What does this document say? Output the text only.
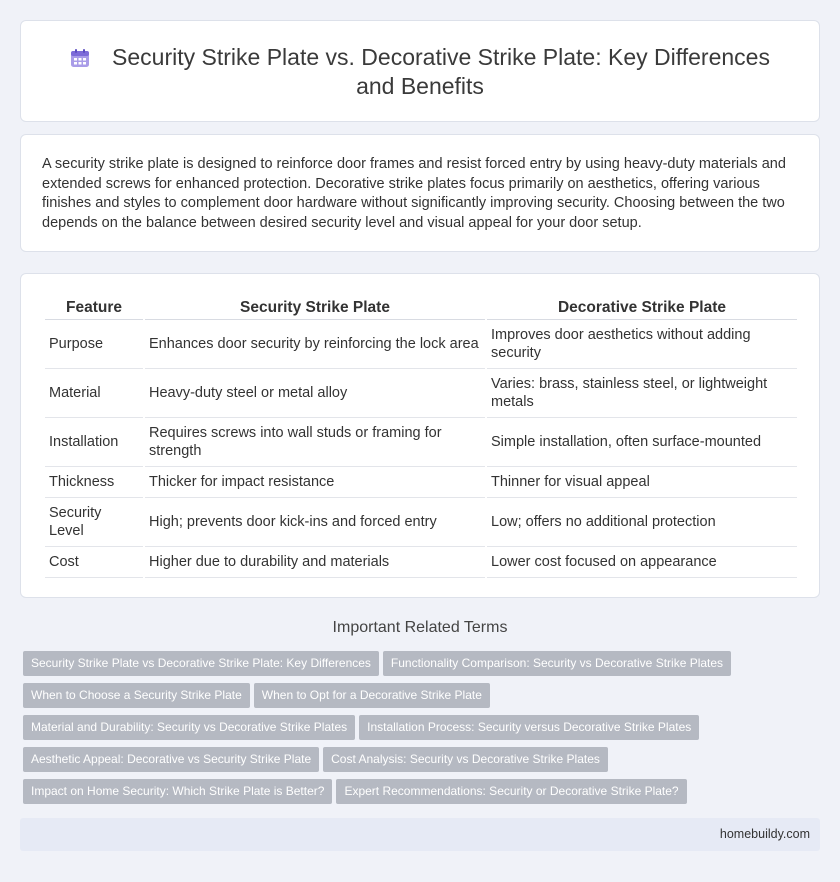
Security Strike Plate vs. Decorative Strike Plate: Key Differences and Benefits

A security strike plate is designed to reinforce door frames and resist forced entry by using heavy-duty materials and extended screws for enhanced protection. Decorative strike plates focus primarily on aesthetics, offering various finishes and styles to complement door hardware without significantly improving security. Choosing between the two depends on the balance between desired security level and visual appeal for your door setup.

Feature	Security Strike Plate	Decorative Strike Plate
Purpose	Enhances door security by reinforcing the lock area	Improves door aesthetics without adding security
Material	Heavy-duty steel or metal alloy	Varies: brass, stainless steel, or lightweight metals
Installation	Requires screws into wall studs or framing for strength	Simple installation, often surface-mounted
Thickness	Thicker for impact resistance	Thinner for visual appeal
Security Level	High; prevents door kick-ins and forced entry	Low; offers no additional protection
Cost	Higher due to durability and materials	Lower cost focused on appearance
Important Related Terms
Security Strike Plate vs Decorative Strike Plate: Key Differences Functionality Comparison: Security vs Decorative Strike Plates
When to Choose a Security Strike Plate When to Opt for a Decorative Strike Plate
Material and Durability: Security vs Decorative Strike Plates Installation Process: Security versus Decorative Strike Plates
Aesthetic Appeal: Decorative vs Security Strike Plate Cost Analysis: Security vs Decorative Strike Plates
Impact on Home Security: Which Strike Plate is Better? Expert Recommendations: Security or Decorative Strike Plate?
homebuildy.com
